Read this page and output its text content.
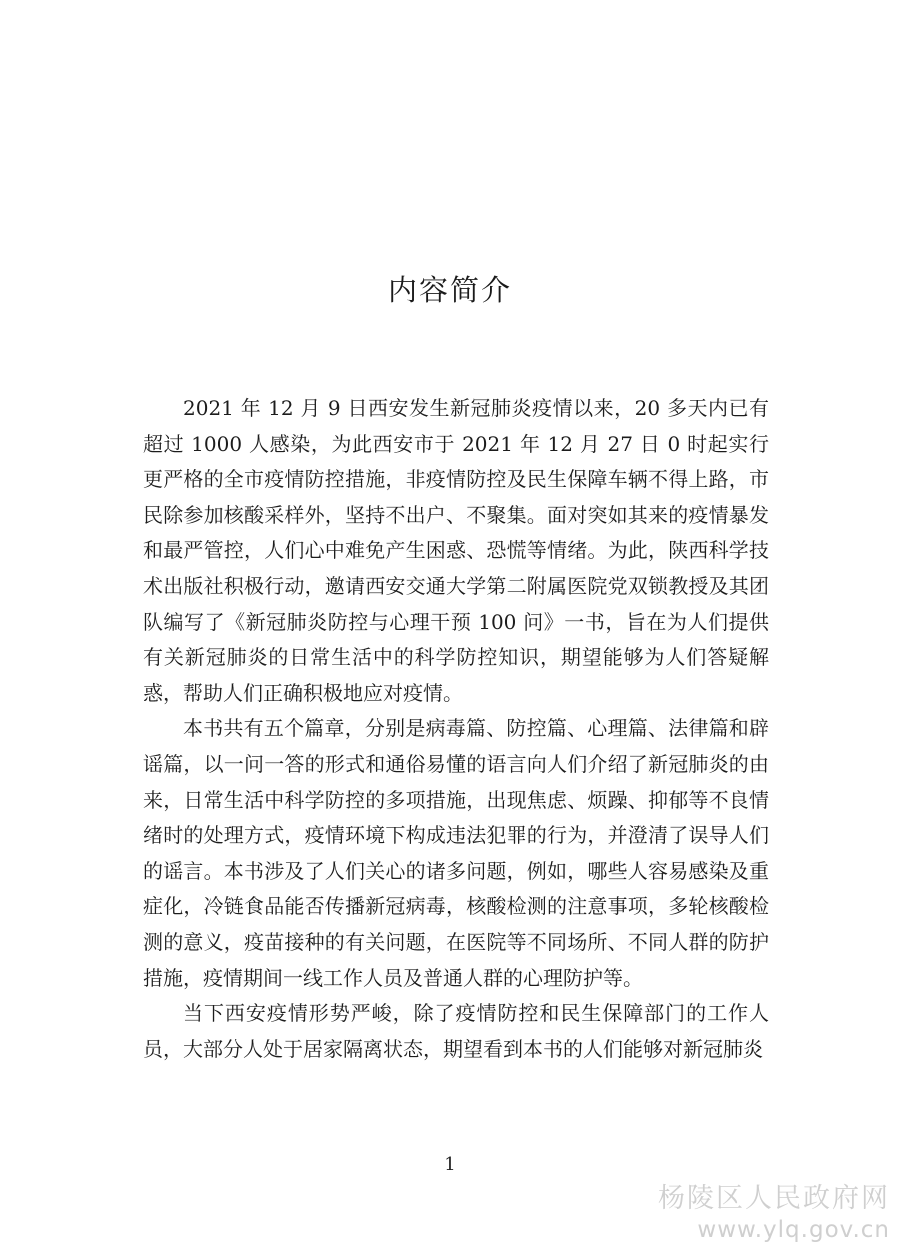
内容简介

2021 年 12 月 9 日西安发生新冠肺炎疫情以来，20 多天内已有超过 1000 人感染，为此西安市于 2021 年 12 月 27 日 0 时起实行更严格的全市疫情防控措施，非疫情防控及民生保障车辆不得上路，市民除参加核酸采样外，坚持不出户、不聚集。面对突如其来的疫情暴发和最严管控，人们心中难免产生困惑、恐慌等情绪。为此，陕西科学技术出版社积极行动，邀请西安交通大学第二附属医院党双锁教授及其团队编写了《新冠肺炎防控与心理干预 100 问》一书，旨在为人们提供有关新冠肺炎的日常生活中的科学防控知识，期望能够为人们答疑解惑，帮助人们正确积极地应对疫情。

本书共有五个篇章，分别是病毒篇、防控篇、心理篇、法律篇和辟谣篇，以一问一答的形式和通俗易懂的语言向人们介绍了新冠肺炎的由来，日常生活中科学防控的多项措施，出现焦虑、烦躁、抑郁等不良情绪时的处理方式，疫情环境下构成违法犯罪的行为，并澄清了误导人们的谣言。本书涉及了人们关心的诸多问题，例如，哪些人容易感染及重症化，冷链食品能否传播新冠病毒，核酸检测的注意事项，多轮核酸检测的意义，疫苗接种的有关问题，在医院等不同场所、不同人群的防护措施，疫情期间一线工作人员及普通人群的心理防护等。

当下西安疫情形势严峻，除了疫情防控和民生保障部门的工作人员，大部分人处于居家隔离状态，期望看到本书的人们能够对新冠肺炎

1
杨陵区人民政府网
www.ylq.gov.cn
